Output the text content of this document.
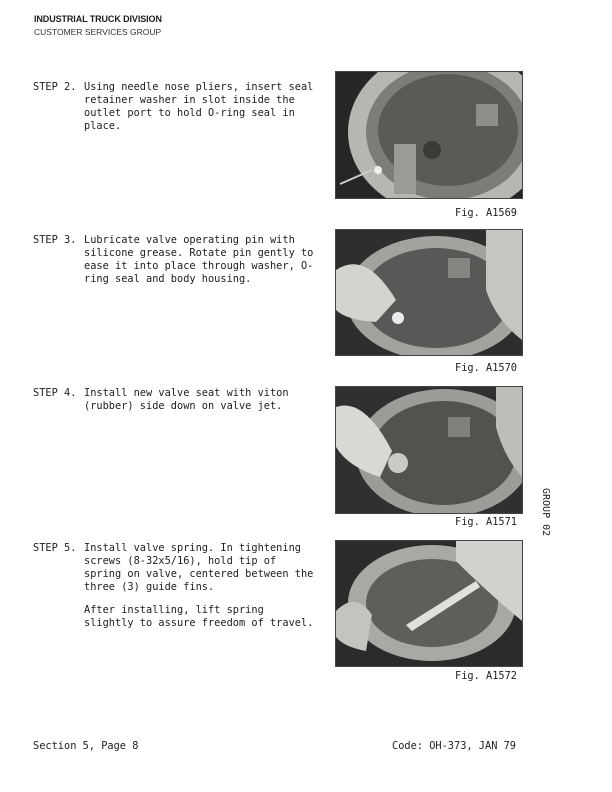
INDUSTRIAL TRUCK DIVISION
CUSTOMER SERVICES GROUP
STEP 2. Using needle nose pliers, insert seal retainer washer in slot inside the outlet port to hold O-ring seal in place.

Fig. A1569
STEP 3. Lubricate valve operating pin with silicone grease. Rotate pin gently to ease it into place through washer, O-ring seal and body housing.

Fig. A1570
STEP 4. Install new valve seat with viton (rubber) side down on valve jet.

Fig. A1571
STEP 5. Install valve spring. In tightening screws (8-32x5/16), hold tip of spring on valve, centered between the three (3) guide fins.

After installing, lift spring slightly to assure freedom of travel.

Fig. A1572
GROUP 02
Section 5, Page 8	Code: OH-373, JAN 79
